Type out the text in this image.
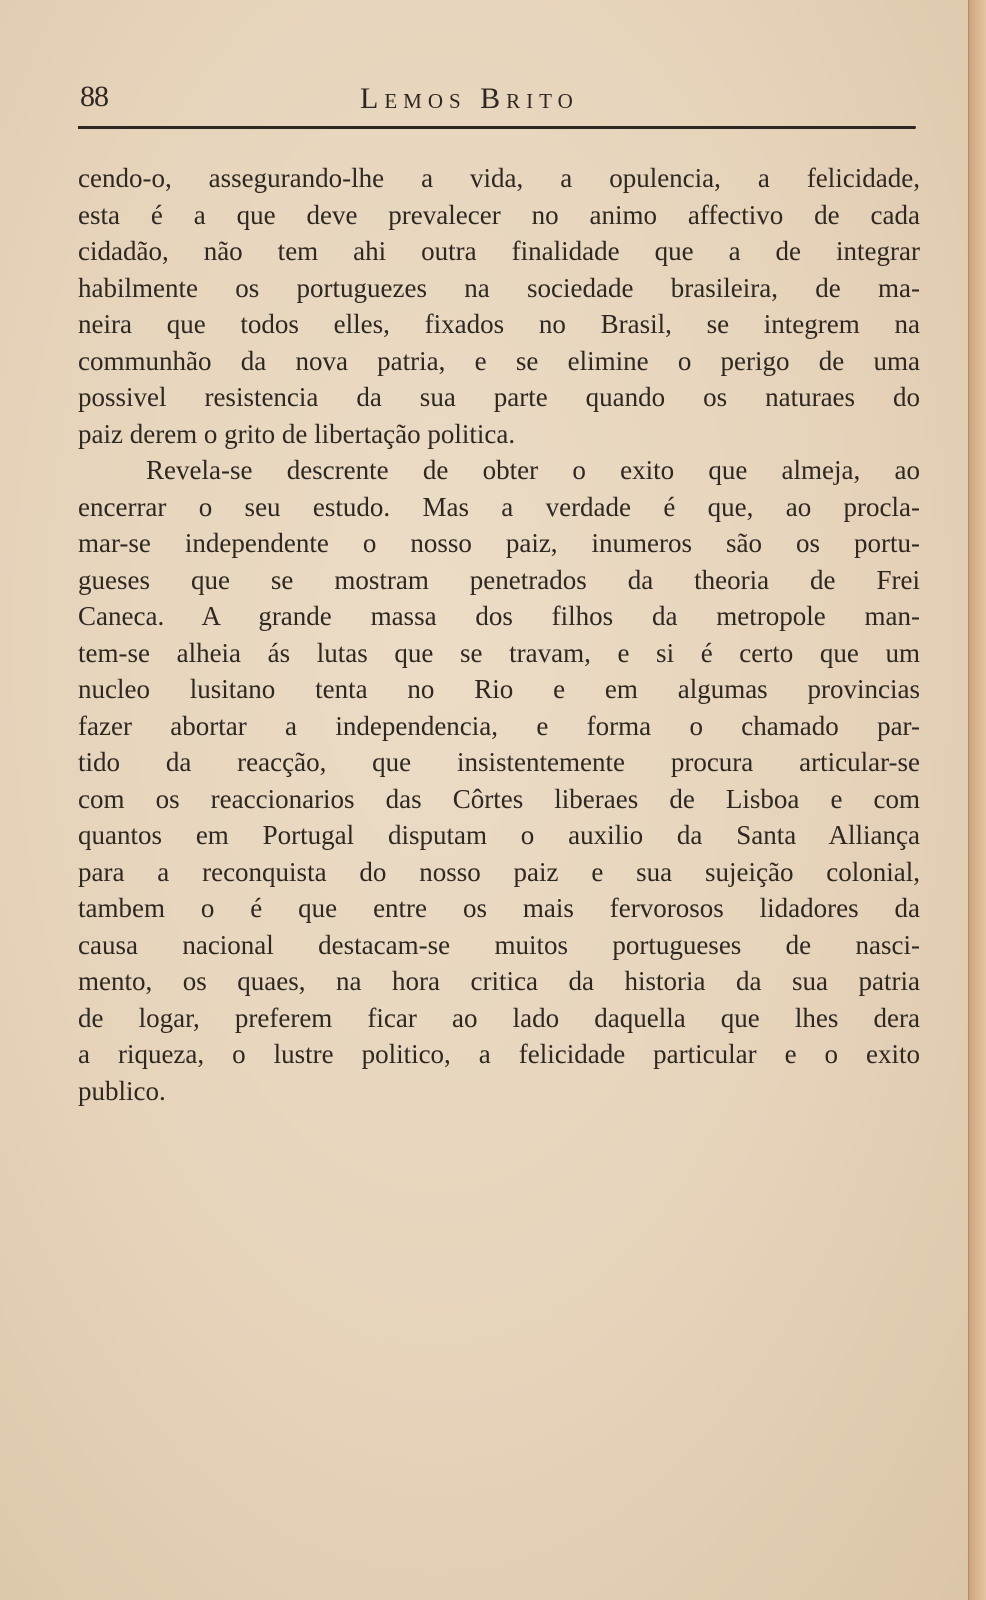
88	Lemos Brito
cendo-o, assegurando-lhe a vida, a opulencia, a felicidade,
esta é a que deve prevalecer no animo affectivo de cada
cidadão, não tem ahi outra finalidade que a de integrar
habilmente os portuguezes na sociedade brasileira, de ma-
neira que todos elles, fixados no Brasil, se integrem na
communhão da nova patria, e se elimine o perigo de uma
possivel resistencia da sua parte quando os naturaes do
paiz derem o grito de libertação politica.
Revela-se descrente de obter o exito que almeja, ao
encerrar o seu estudo. Mas a verdade é que, ao procla-
mar-se independente o nosso paiz, inumeros são os portu-
gueses que se mostram penetrados da theoria de Frei
Caneca. A grande massa dos filhos da metropole man-
tem-se alheia ás lutas que se travam, e si é certo que um
nucleo lusitano tenta no Rio e em algumas provincias
fazer abortar a independencia, e forma o chamado par-
tido da reacção, que insistentemente procura articular-se
com os reaccionarios das Côrtes liberaes de Lisboa e com
quantos em Portugal disputam o auxilio da Santa Alliança
para a reconquista do nosso paiz e sua sujeição colonial,
tambem o é que entre os mais fervorosos lidadores da
causa nacional destacam-se muitos portugueses de nasci-
mento, os quaes, na hora critica da historia da sua patria
de logar, preferem ficar ao lado daquella que lhes dera
a riqueza, o lustre politico, a felicidade particular e o exito
publico.
